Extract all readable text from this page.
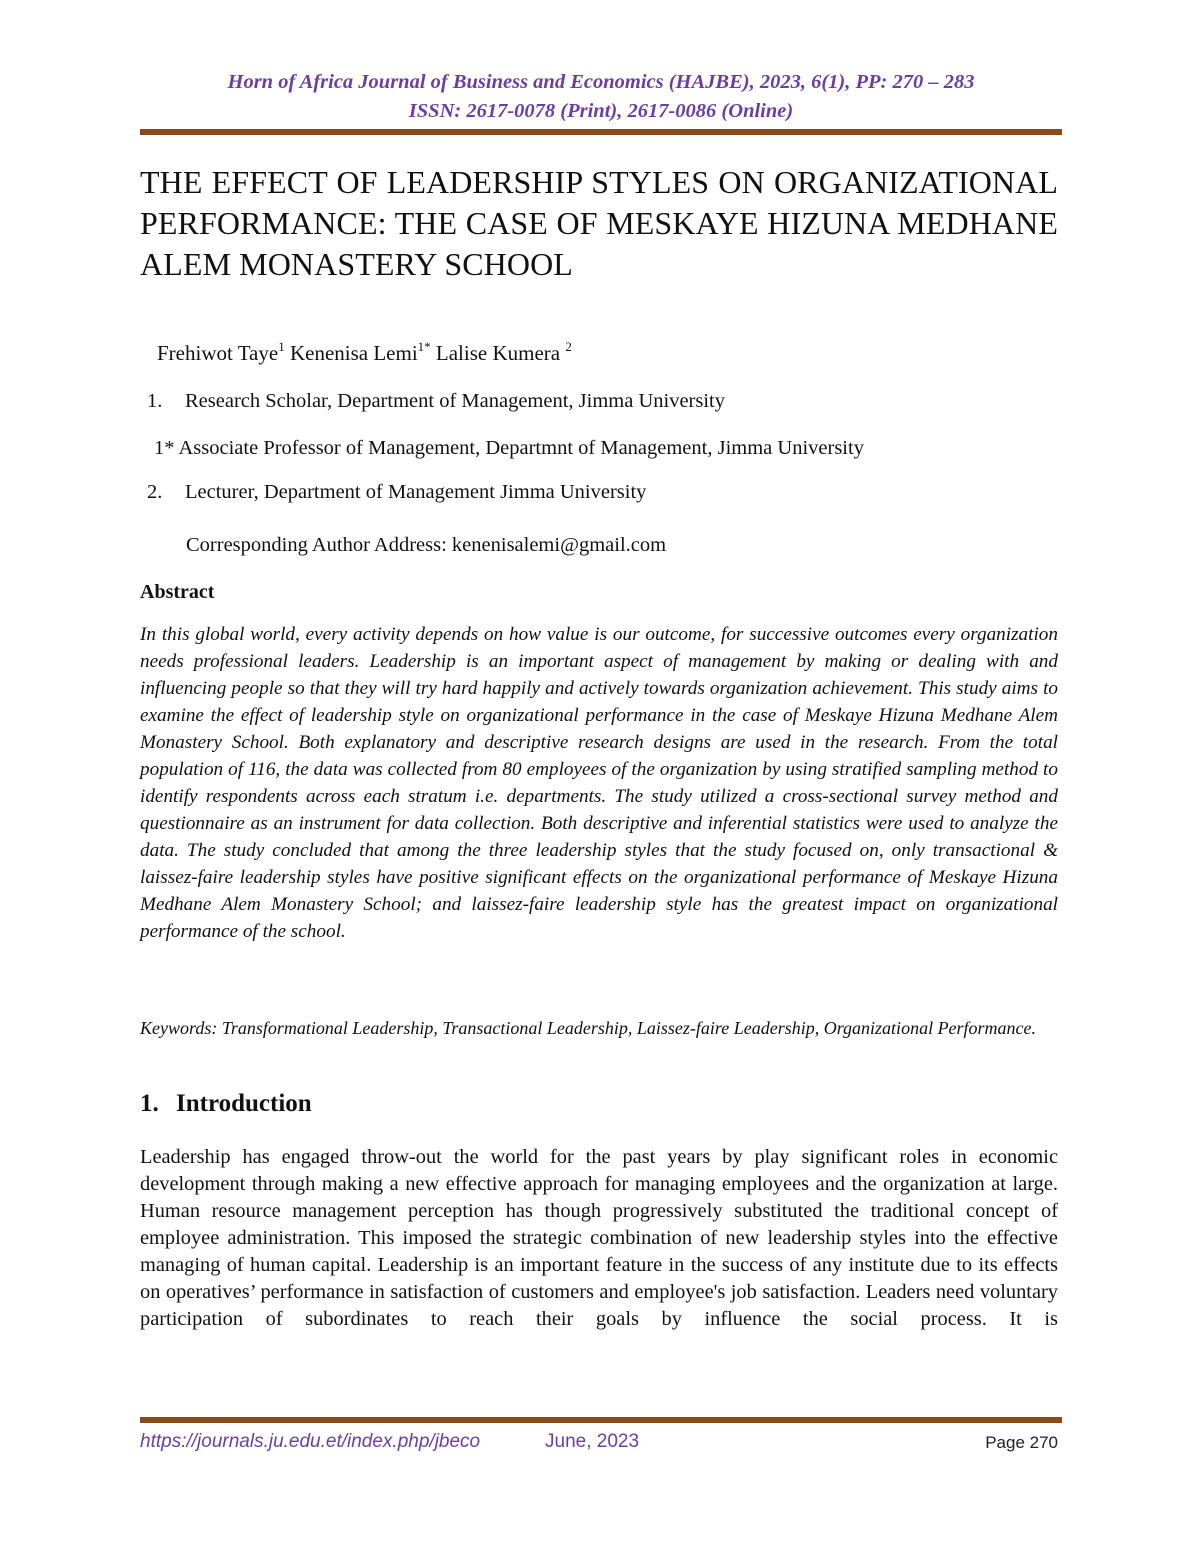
Horn of Africa Journal of Business and Economics (HAJBE), 2023, 6(1), PP: 270 – 283
ISSN: 2617-0078 (Print), 2617-0086 (Online)
THE EFFECT OF LEADERSHIP STYLES ON ORGANIZATIONAL PERFORMANCE: THE CASE OF MESKAYE HIZUNA MEDHANE ALEM MONASTERY SCHOOL
Frehiwot Taye$^1$ Kenenisa Lemi$^{1*}$ Lalise Kumera $^2$
1. Research Scholar, Department of Management, Jimma University
1* Associate Professor of Management, Departmnt of Management, Jimma University
2. Lecturer, Department of Management Jimma University
Corresponding Author Address: kenenisalemi@gmail.com
Abstract

In this global world, every activity depends on how value is our outcome, for successive outcomes every organization needs professional leaders. Leadership is an important aspect of management by making or dealing with and influencing people so that they will try hard happily and actively towards organization achievement. This study aims to examine the effect of leadership style on organizational performance in the case of Meskaye Hizuna Medhane Alem Monastery School. Both explanatory and descriptive research designs are used in the research. From the total population of 116, the data was collected from 80 employees of the organization by using stratified sampling method to identify respondents across each stratum i.e. departments. The study utilized a cross-sectional survey method and questionnaire as an instrument for data collection. Both descriptive and inferential statistics were used to analyze the data. The study concluded that among the three leadership styles that the study focused on, only transactional & laissez-faire leadership styles have positive significant effects on the organizational performance of Meskaye Hizuna Medhane Alem Monastery School; and laissez-faire leadership style has the greatest impact on organizational performance of the school.

Keywords: Transformational Leadership, Transactional Leadership, Laissez-faire Leadership, Organizational Performance.

1. Introduction

Leadership has engaged throw-out the world for the past years by play significant roles in economic development through making a new effective approach for managing employees and the organization at large. Human resource management perception has though progressively substituted the traditional concept of employee administration. This imposed the strategic combination of new leadership styles into the effective managing of human capital. Leadership is an important feature in the success of any institute due to its effects on operatives’ performance in satisfaction of customers and employee's job satisfaction. Leaders need voluntary participation of subordinates to reach their goals by influence the social process. It is

https://journals.ju.edu.et/index.php/jbeco	June, 2023	Page 270
